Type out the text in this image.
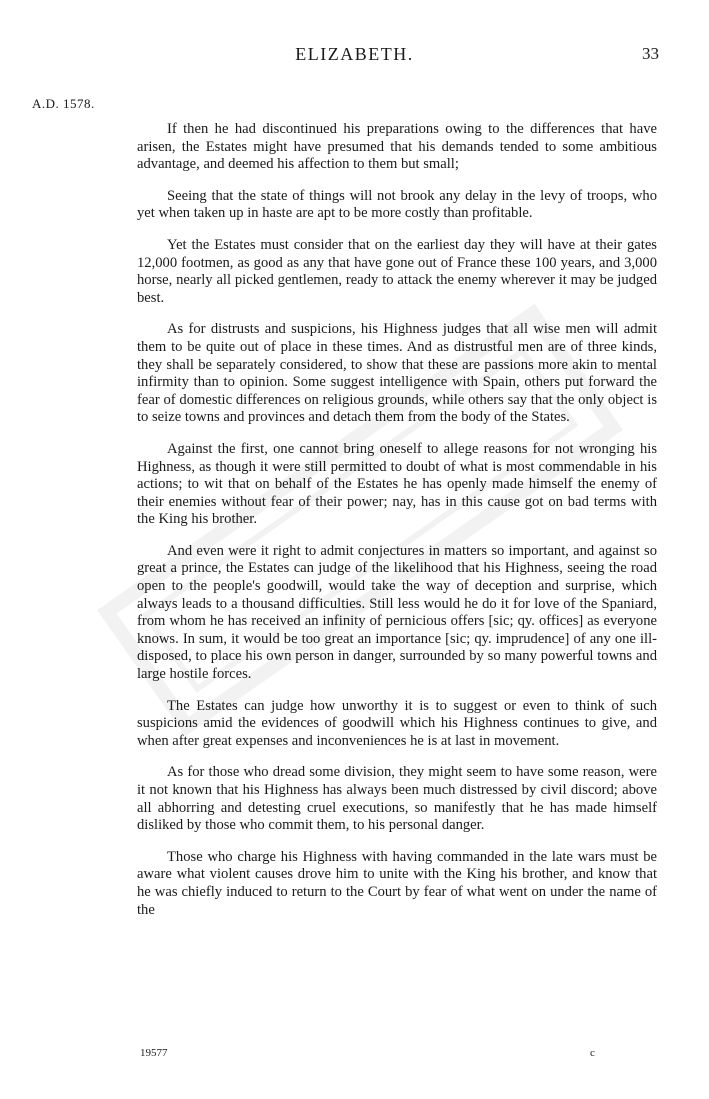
ELIZABETH.	33
A.D. 1578.

If then he had discontinued his preparations owing to the differences that have arisen, the Estates might have presumed that his demands tended to some ambitious advantage, and deemed his affection to them but small;

Seeing that the state of things will not brook any delay in the levy of troops, who yet when taken up in haste are apt to be more costly than profitable.

Yet the Estates must consider that on the earliest day they will have at their gates 12,000 footmen, as good as any that have gone out of France these 100 years, and 3,000 horse, nearly all picked gentlemen, ready to attack the enemy wherever it may be judged best.

As for distrusts and suspicions, his Highness judges that all wise men will admit them to be quite out of place in these times. And as distrustful men are of three kinds, they shall be separately considered, to show that these are passions more akin to mental infirmity than to opinion. Some suggest intelligence with Spain, others put forward the fear of domestic differences on religious grounds, while others say that the only object is to seize towns and provinces and detach them from the body of the States.

Against the first, one cannot bring oneself to allege reasons for not wronging his Highness, as though it were still permitted to doubt of what is most commendable in his actions; to wit that on behalf of the Estates he has openly made himself the enemy of their enemies without fear of their power; nay, has in this cause got on bad terms with the King his brother.

And even were it right to admit conjectures in matters so important, and against so great a prince, the Estates can judge of the likelihood that his Highness, seeing the road open to the people's goodwill, would take the way of deception and surprise, which always leads to a thousand difficulties. Still less would he do it for love of the Spaniard, from whom he has received an infinity of pernicious offers [sic; qy. offices] as everyone knows. In sum, it would be too great an importance [sic; qy. imprudence] of any one ill-disposed, to place his own person in danger, surrounded by so many powerful towns and large hostile forces.

The Estates can judge how unworthy it is to suggest or even to think of such suspicions amid the evidences of goodwill which his Highness continues to give, and when after great expenses and inconveniences he is at last in movement.

As for those who dread some division, they might seem to have some reason, were it not known that his Highness has always been much distressed by civil discord; above all abhorring and detesting cruel executions, so manifestly that he has made himself disliked by those who commit them, to his personal danger.

Those who charge his Highness with having commanded in the late wars must be aware what violent causes drove him to unite with the King his brother, and know that he was chiefly induced to return to the Court by fear of what went on under the name of the

19577	c
